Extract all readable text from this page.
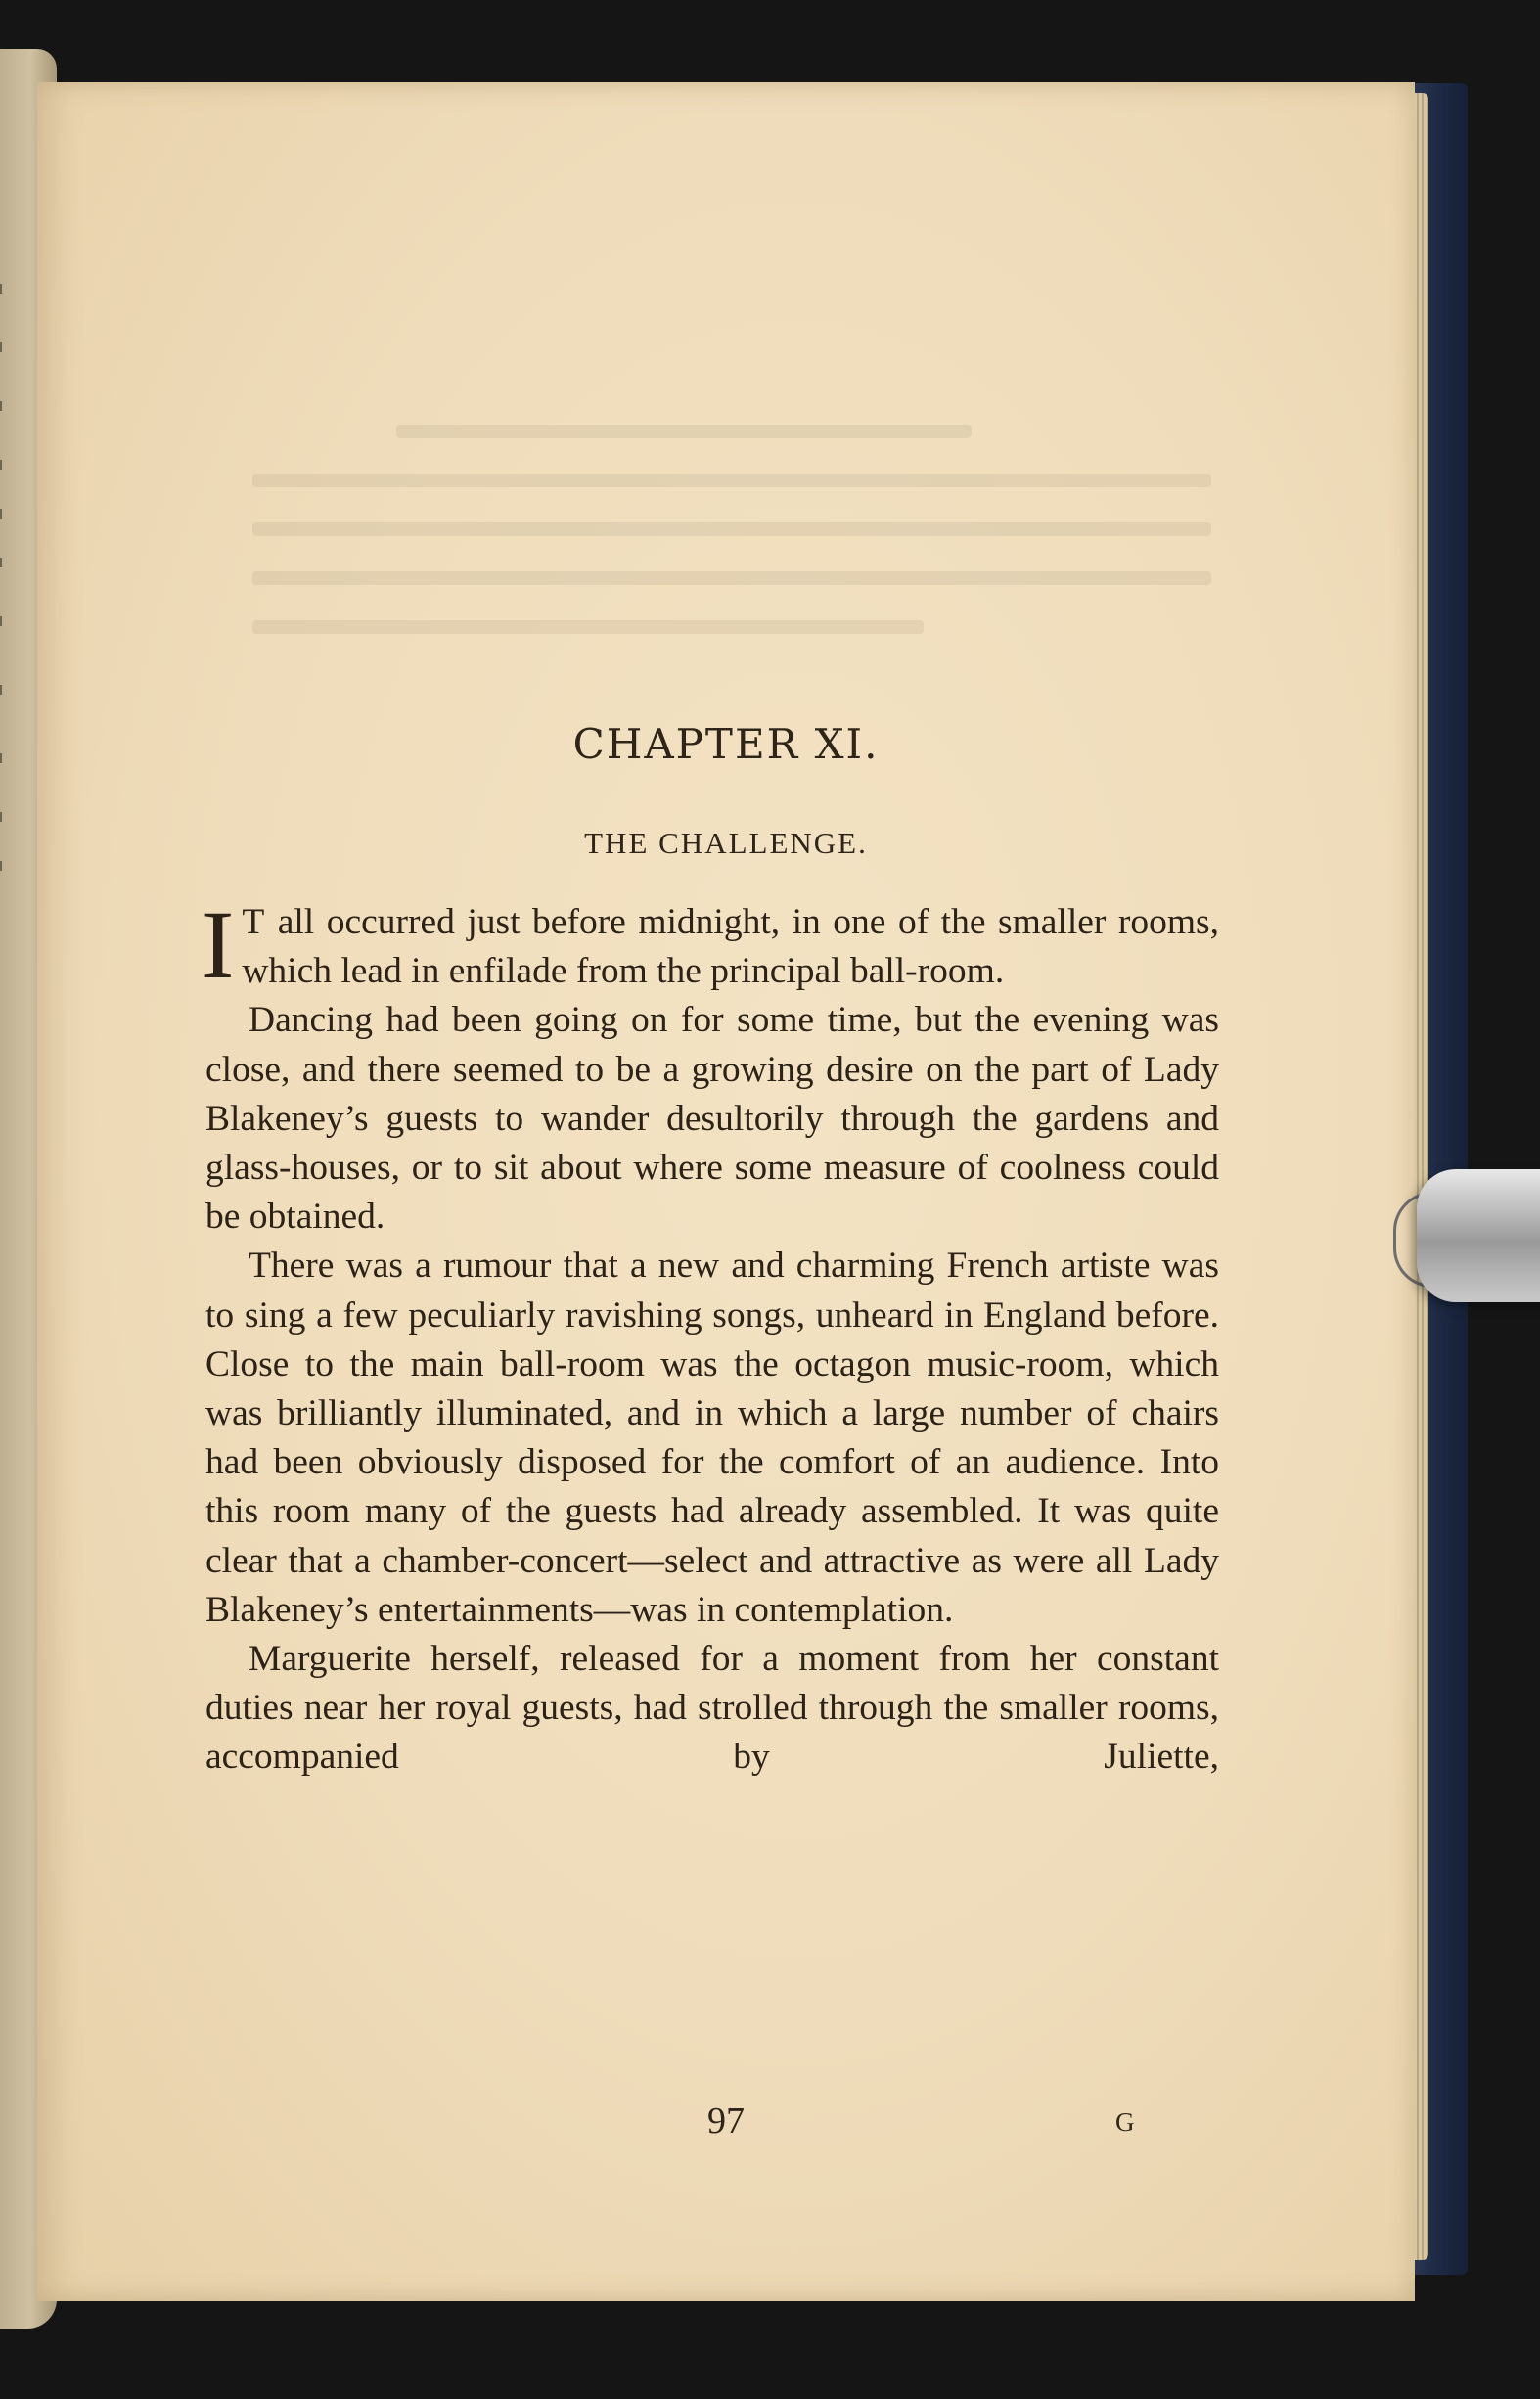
CHAPTER XI.
THE CHALLENGE.

I T all occurred just before midnight, in one of the smaller rooms, which lead in enfilade from the principal ball-room.

Dancing had been going on for some time, but the evening was close, and there seemed to be a growing desire on the part of Lady Blakeney’s guests to wander desultorily through the gardens and glass-houses, or to sit about where some measure of coolness could be obtained.

There was a rumour that a new and charming French artiste was to sing a few peculiarly ravishing songs, unheard in England before. Close to the main ball-room was the octagon music-room, which was brilliantly illuminated, and in which a large number of chairs had been obviously disposed for the comfort of an audience. Into this room many of the guests had already assembled. It was quite clear that a chamber-concert—select and attractive as were all Lady Blakeney’s entertainments—was in contemplation.

Marguerite herself, released for a moment from her constant duties near her royal guests, had strolled through the smaller rooms, accompanied by Juliette,

97	G
